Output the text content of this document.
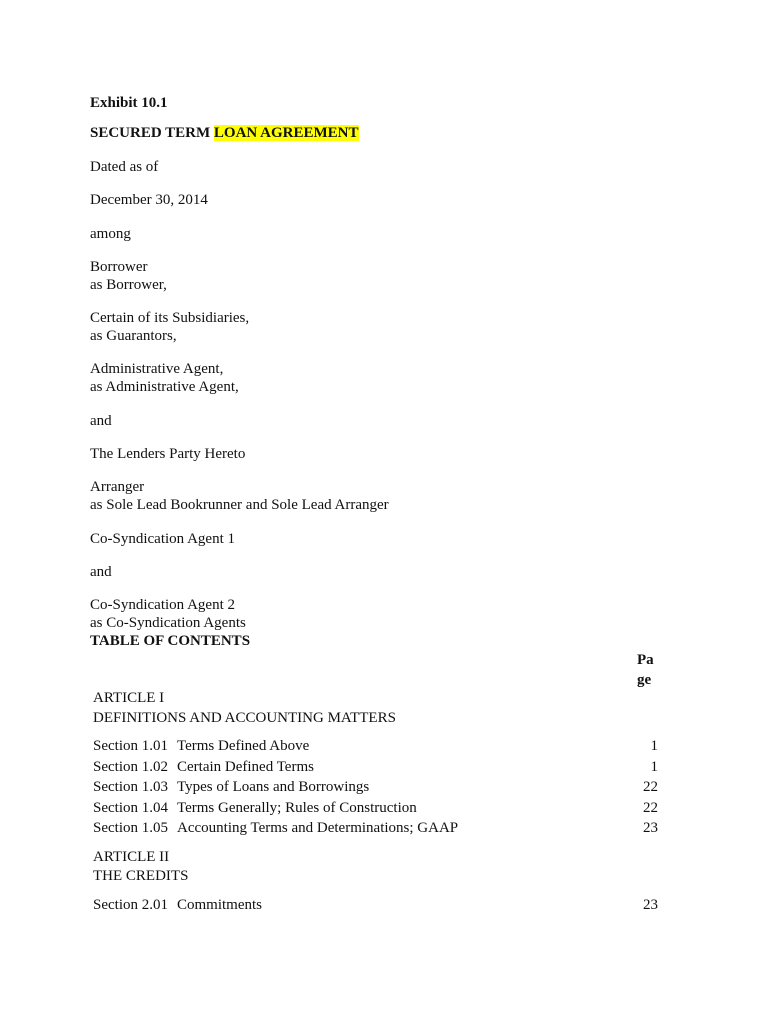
Exhibit 10.1
SECURED TERM LOAN AGREEMENT
Dated as of
December 30, 2014
among
Borrower
as Borrower,
Certain of its Subsidiaries,
as Guarantors,
Administrative Agent,
as Administrative Agent,
and
The Lenders Party Hereto
Arranger
as Sole Lead Bookrunner and Sole Lead Arranger
Co-Syndication Agent 1
and
Co-Syndication Agent 2
as Co-Syndication Agents
TABLE OF CONTENTS
Page
ARTICLE I
DEFINITIONS AND ACCOUNTING MATTERS
Section 1.01 Terms Defined Above	1
Section 1.02 Certain Defined Terms	1
Section 1.03 Types of Loans and Borrowings	22
Section 1.04 Terms Generally; Rules of Construction	22
Section 1.05 Accounting Terms and Determinations; GAAP	23
ARTICLE II
THE CREDITS
Section 2.01 Commitments	23
